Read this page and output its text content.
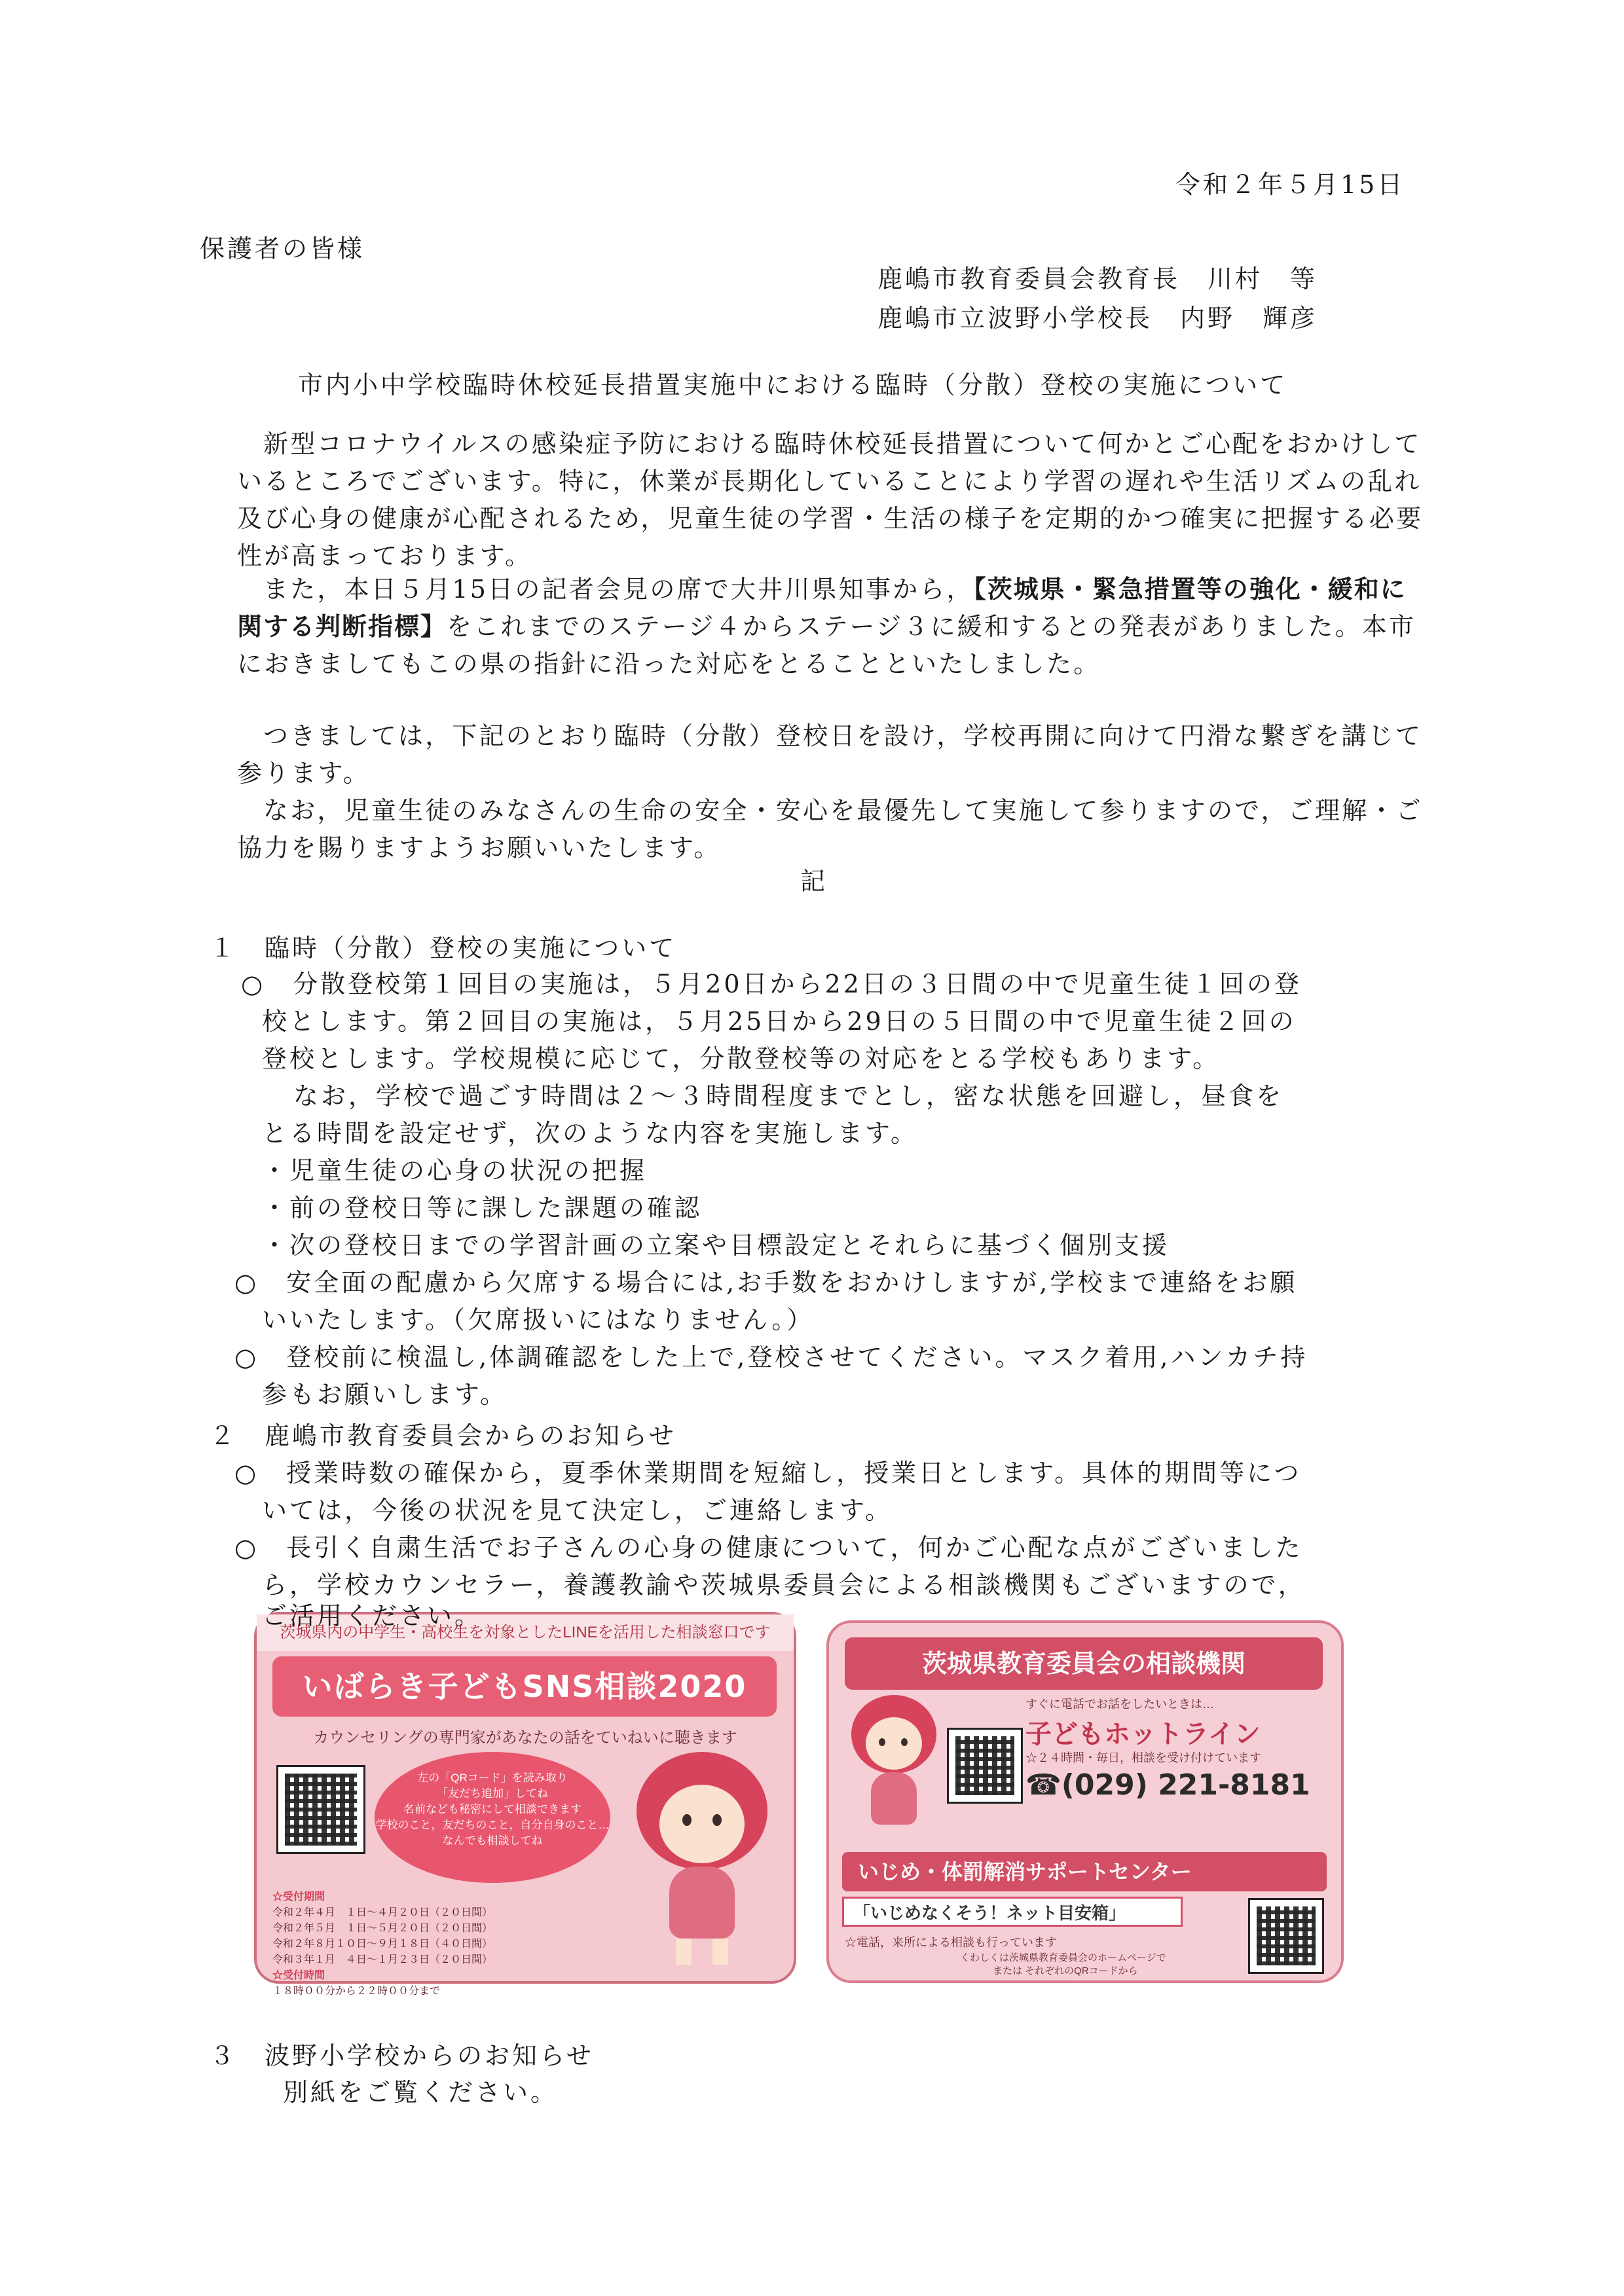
令和２年５月15日
保護者の皆様
鹿嶋市教育委員会教育長　川村　等
鹿嶋市立波野小学校長　内野　輝彦
市内小中学校臨時休校延長措置実施中における臨時（分散）登校の実施について

新型コロナウイルスの感染症予防における臨時休校延長措置について何かとご心配をおかけしているところでございます。特に，休業が長期化していることにより学習の遅れや生活リズムの乱れ及び心身の健康が心配されるため，児童生徒の学習・生活の様子を定期的かつ確実に把握する必要性が高まっております。

また，本日５月15日の記者会見の席で大井川県知事から，【茨城県・緊急措置等の強化・緩和に関する判断指標】をこれまでのステージ４からステージ３に緩和するとの発表がありました。本市におきましてもこの県の指針に沿った対応をとることといたしました。

つきましては，下記のとおり臨時（分散）登校日を設け，学校再開に向けて円滑な繋ぎを講じて参ります。

なお，児童生徒のみなさんの生命の安全・安心を最優先して実施して参りますので，ご理解・ご協力を賜りますようお願いいたします。

記
１　臨時（分散）登校の実施について
○　分散登校第１回目の実施は，５月20日から22日の３日間の中で児童生徒１回の登
校とします。第２回目の実施は，５月25日から29日の５日間の中で児童生徒２回の
登校とします。学校規模に応じて，分散登校等の対応をとる学校もあります。
なお，学校で過ごす時間は２～３時間程度までとし，密な状態を回避し，昼食を
とる時間を設定せず，次のような内容を実施します。
・児童生徒の心身の状況の把握
・前の登校日等に課した課題の確認
・次の登校日までの学習計画の立案や目標設定とそれらに基づく個別支援
○　安全面の配慮から欠席する場合には,お手数をおかけしますが,学校まで連絡をお願
いいたします。（欠席扱いにはなりません。）
○　登校前に検温し,体調確認をした上で,登校させてください。マスク着用,ハンカチ持
参もお願いします。
２　鹿嶋市教育委員会からのお知らせ
○　授業時数の確保から，夏季休業期間を短縮し，授業日とします。具体的期間等につ
いては，今後の状況を見て決定し，ご連絡します。
○　長引く自粛生活でお子さんの心身の健康について，何かご心配な点がございました
ら，学校カウンセラー，養護教諭や茨城県委員会による相談機関もございますので，
茨城県内の中学生・高校生を対象としたLINEを活用した相談窓口です
いばらき子どもSNS相談2020
カウンセリングの専門家があなたの話をていねいに聴きます
左の「QRコード」を読み取り
「友だち追加」してね
名前なども秘密にして相談できます
学校のこと，友だちのこと，自分自身のこと…
なんでも相談してね
☆受付期間
令和２年４月　１日～４月２０日（２０日間）
令和２年５月　１日～５月２０日（２０日間）
令和２年８月１０日～９月１８日（４０日間）
令和３年１月　４日～１月２３日（２０日間）
☆受付時間
１８時００分から２２時００分まで
茨城県教育委員会の相談機関
すぐに電話でお話をしたいときは…
子どもホットライン
☆２４時間・毎日，相談を受け付けています
☎(029) 221-8181
いじめ・体罰解消サポートセンター
「いじめなくそう！ネット目安箱」
☆電話，来所による相談も行っています
くわしくは茨城県教育委員会のホームページで
または それぞれのQRコードから
３　波野小学校からのお知らせ
別紙をご覧ください。
ご活用ください。
